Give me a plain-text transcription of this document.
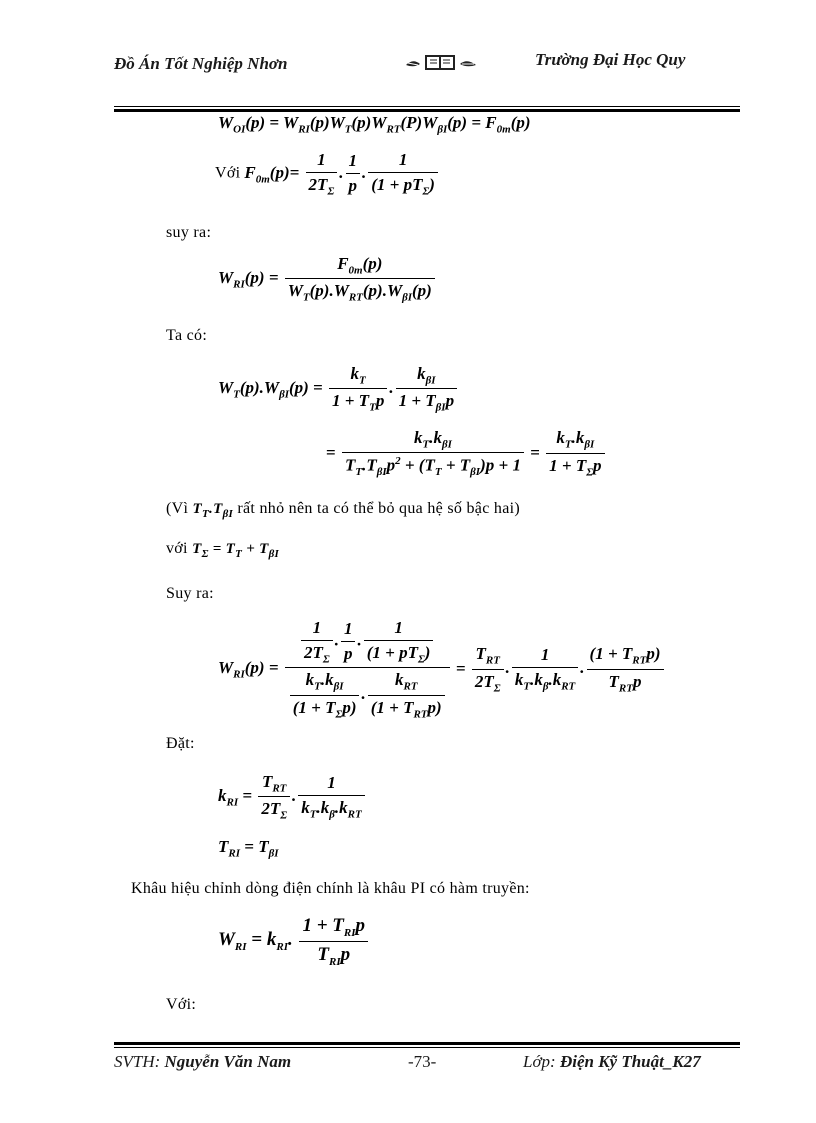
Đồ Án Tốt Nghiệp Nhơn	Trường Đại Học Quy
$W_{OI}(p) = W_{RI}(p)W_T(p)W_{RT}(P)W_{\beta I}(p) = F_{0m}(p)$
Với $F_{0m}(p)= \frac{1}{2T_\Sigma}$ . $\frac{1}{p}$ . $\frac{1}{(1 + pT_\Sigma)}$
suy ra:
$W_{RI}(p) = \frac{F_{0m}(p)}{W_T(p).W_{RT}(p).W_{\beta I}(p)}$
Ta có:
$W_T(p).W_{\beta I}(p) = \frac{k_T}{1 + T_Tp}$ . $\frac{k_{\beta I}}{1 + T_{\beta I}p}$
= $\frac{k_T.k_{\beta I}}{T_T.T_{\beta I}p^2 + (T_T + T_{\beta I})p + 1} = \frac{k_T.k_{\beta I}}{1 + T_\Sigma p}$
(Vì $T_T.T_{\beta I}$ rất nhỏ nên ta có thể bỏ qua hệ số bậc hai)
với $T_\Sigma = T_T + T_{\beta I}$
Suy ra:
$W_{RI}(p) = \frac{\frac{1}{2T_\Sigma} . \frac{1}{p} . \frac{1}{(1 + pT_\Sigma)}}{\frac{k_T.k_{\beta I}}{(1 + T_\Sigma p)} . \frac{k_{RT}}{(1 + T_{RT}p)}} = \frac{T_{RT}}{2T_\Sigma}$ . $\frac{1}{k_T.k_\beta.k_{RT}}$ . $\frac{(1 + T_{RT}p)}{T_{RT}p}$
Đặt:
$k_{RI} = \frac{T_{RT}}{2T_\Sigma}$ . $\frac{1}{k_T.k_\beta.k_{RT}}$
$T_{RI} = T_{\beta I}$
Khâu hiệu chỉnh dòng điện chính là khâu PI có hàm truyền:
$W_{RI} = k_{RI}$. $\frac{1 + T_{RI}p}{T_{RI}p}$
Với:
SVTH: Nguyễn Văn Nam	-73-	Lớp: Điện Kỹ Thuật_K27
